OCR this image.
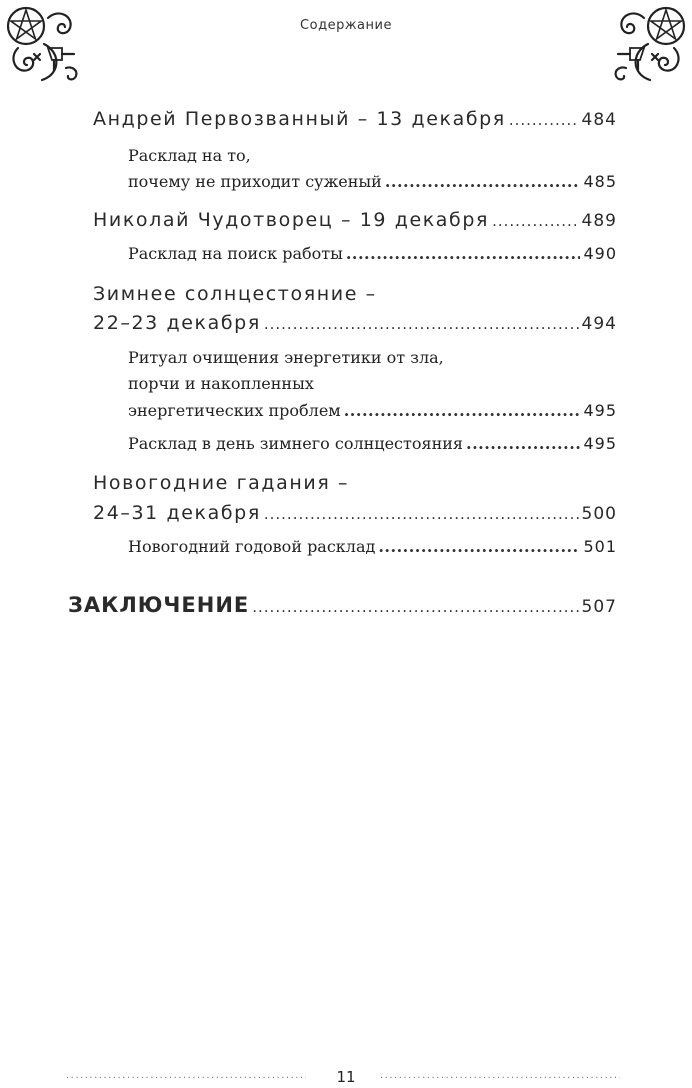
Содержание
Андрей Первозванный – 13 декабря .....	484
Расклад на то,
почему не приходит суженый .....	485
Николай Чудотворец – 19 декабря .....	489
Расклад на поиск работы .....	490
Зимнее солнцестояние –
22–23 декабря .....	494
Ритуал очищения энергетики от зла,
порчи и накопленных
энергетических проблем .....	495
Расклад в день зимнего солнцестояния .....	495
Новогодние гадания –
24–31 декабря .....	500
Новогодний годовой расклад .....	501
ЗАКЛЮЧЕНИЕ .....	507
.....
11
.....
